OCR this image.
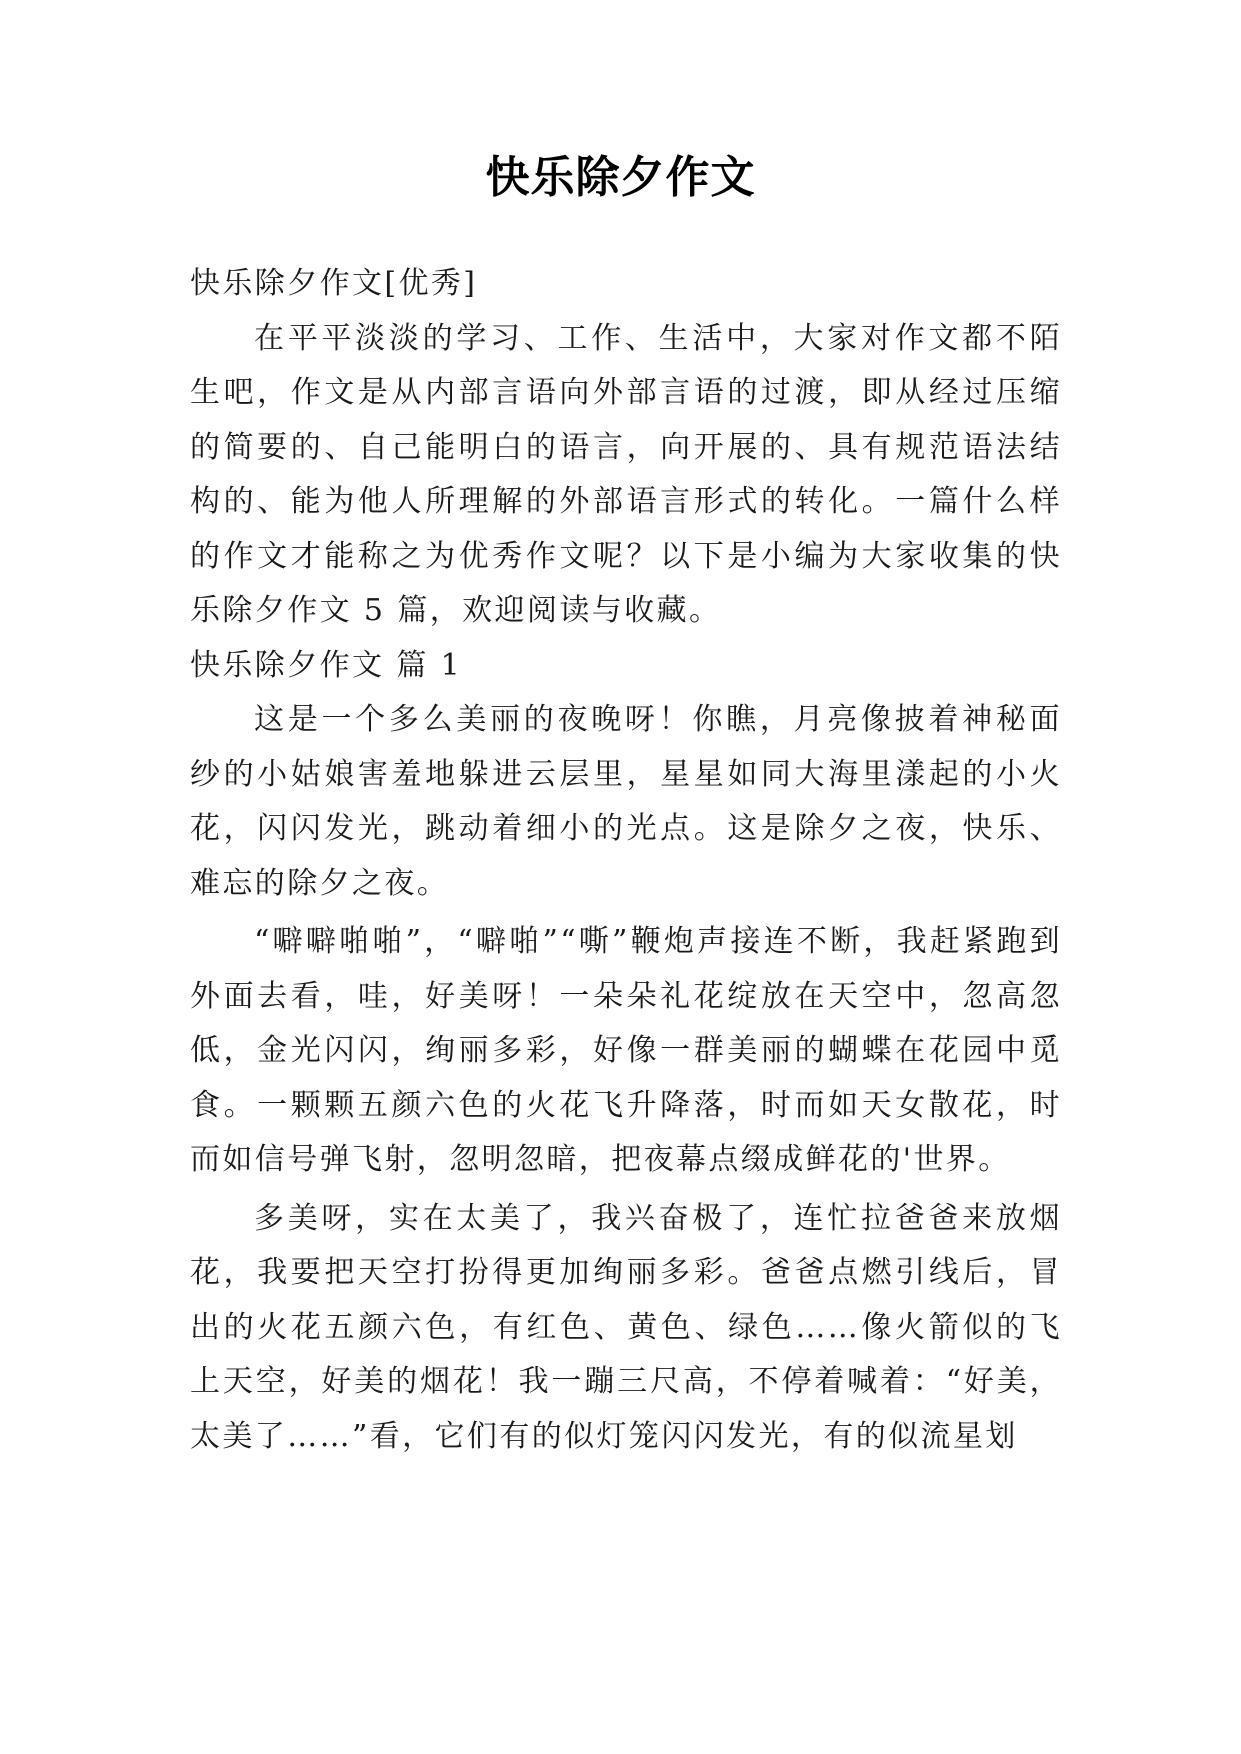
快乐除夕作文

快乐除夕作文[优秀]

在平平淡淡的学习、工作、生活中，大家对作文都不陌生吧，作文是从内部言语向外部言语的过渡，即从经过压缩的简要的、自己能明白的语言，向开展的、具有规范语法结构的、能为他人所理解的外部语言形式的转化。一篇什么样的作文才能称之为优秀作文呢？以下是小编为大家收集的快乐除夕作文 5 篇，欢迎阅读与收藏。

快乐除夕作文 篇 1

这是一个多么美丽的夜晚呀！你瞧，月亮像披着神秘面纱的小姑娘害羞地躲进云层里，星星如同大海里漾起的小火花，闪闪发光，跳动着细小的光点。这是除夕之夜，快乐、难忘的除夕之夜。

“噼噼啪啪”，“噼啪”“嘶”鞭炮声接连不断，我赶紧跑到外面去看，哇，好美呀！一朵朵礼花绽放在天空中，忽高忽低，金光闪闪，绚丽多彩，好像一群美丽的蝴蝶在花园中觅食。一颗颗五颜六色的火花飞升降落，时而如天女散花，时而如信号弹飞射，忽明忽暗，把夜幕点缀成鲜花的'世界。

多美呀，实在太美了，我兴奋极了，连忙拉爸爸来放烟花，我要把天空打扮得更加绚丽多彩。爸爸点燃引线后，冒出的火花五颜六色，有红色、黄色、绿色……像火箭似的飞上天空，好美的烟花！我一蹦三尺高，不停着喊着：“好美，太美了……”看，它们有的似灯笼闪闪发光，有的似流星划
